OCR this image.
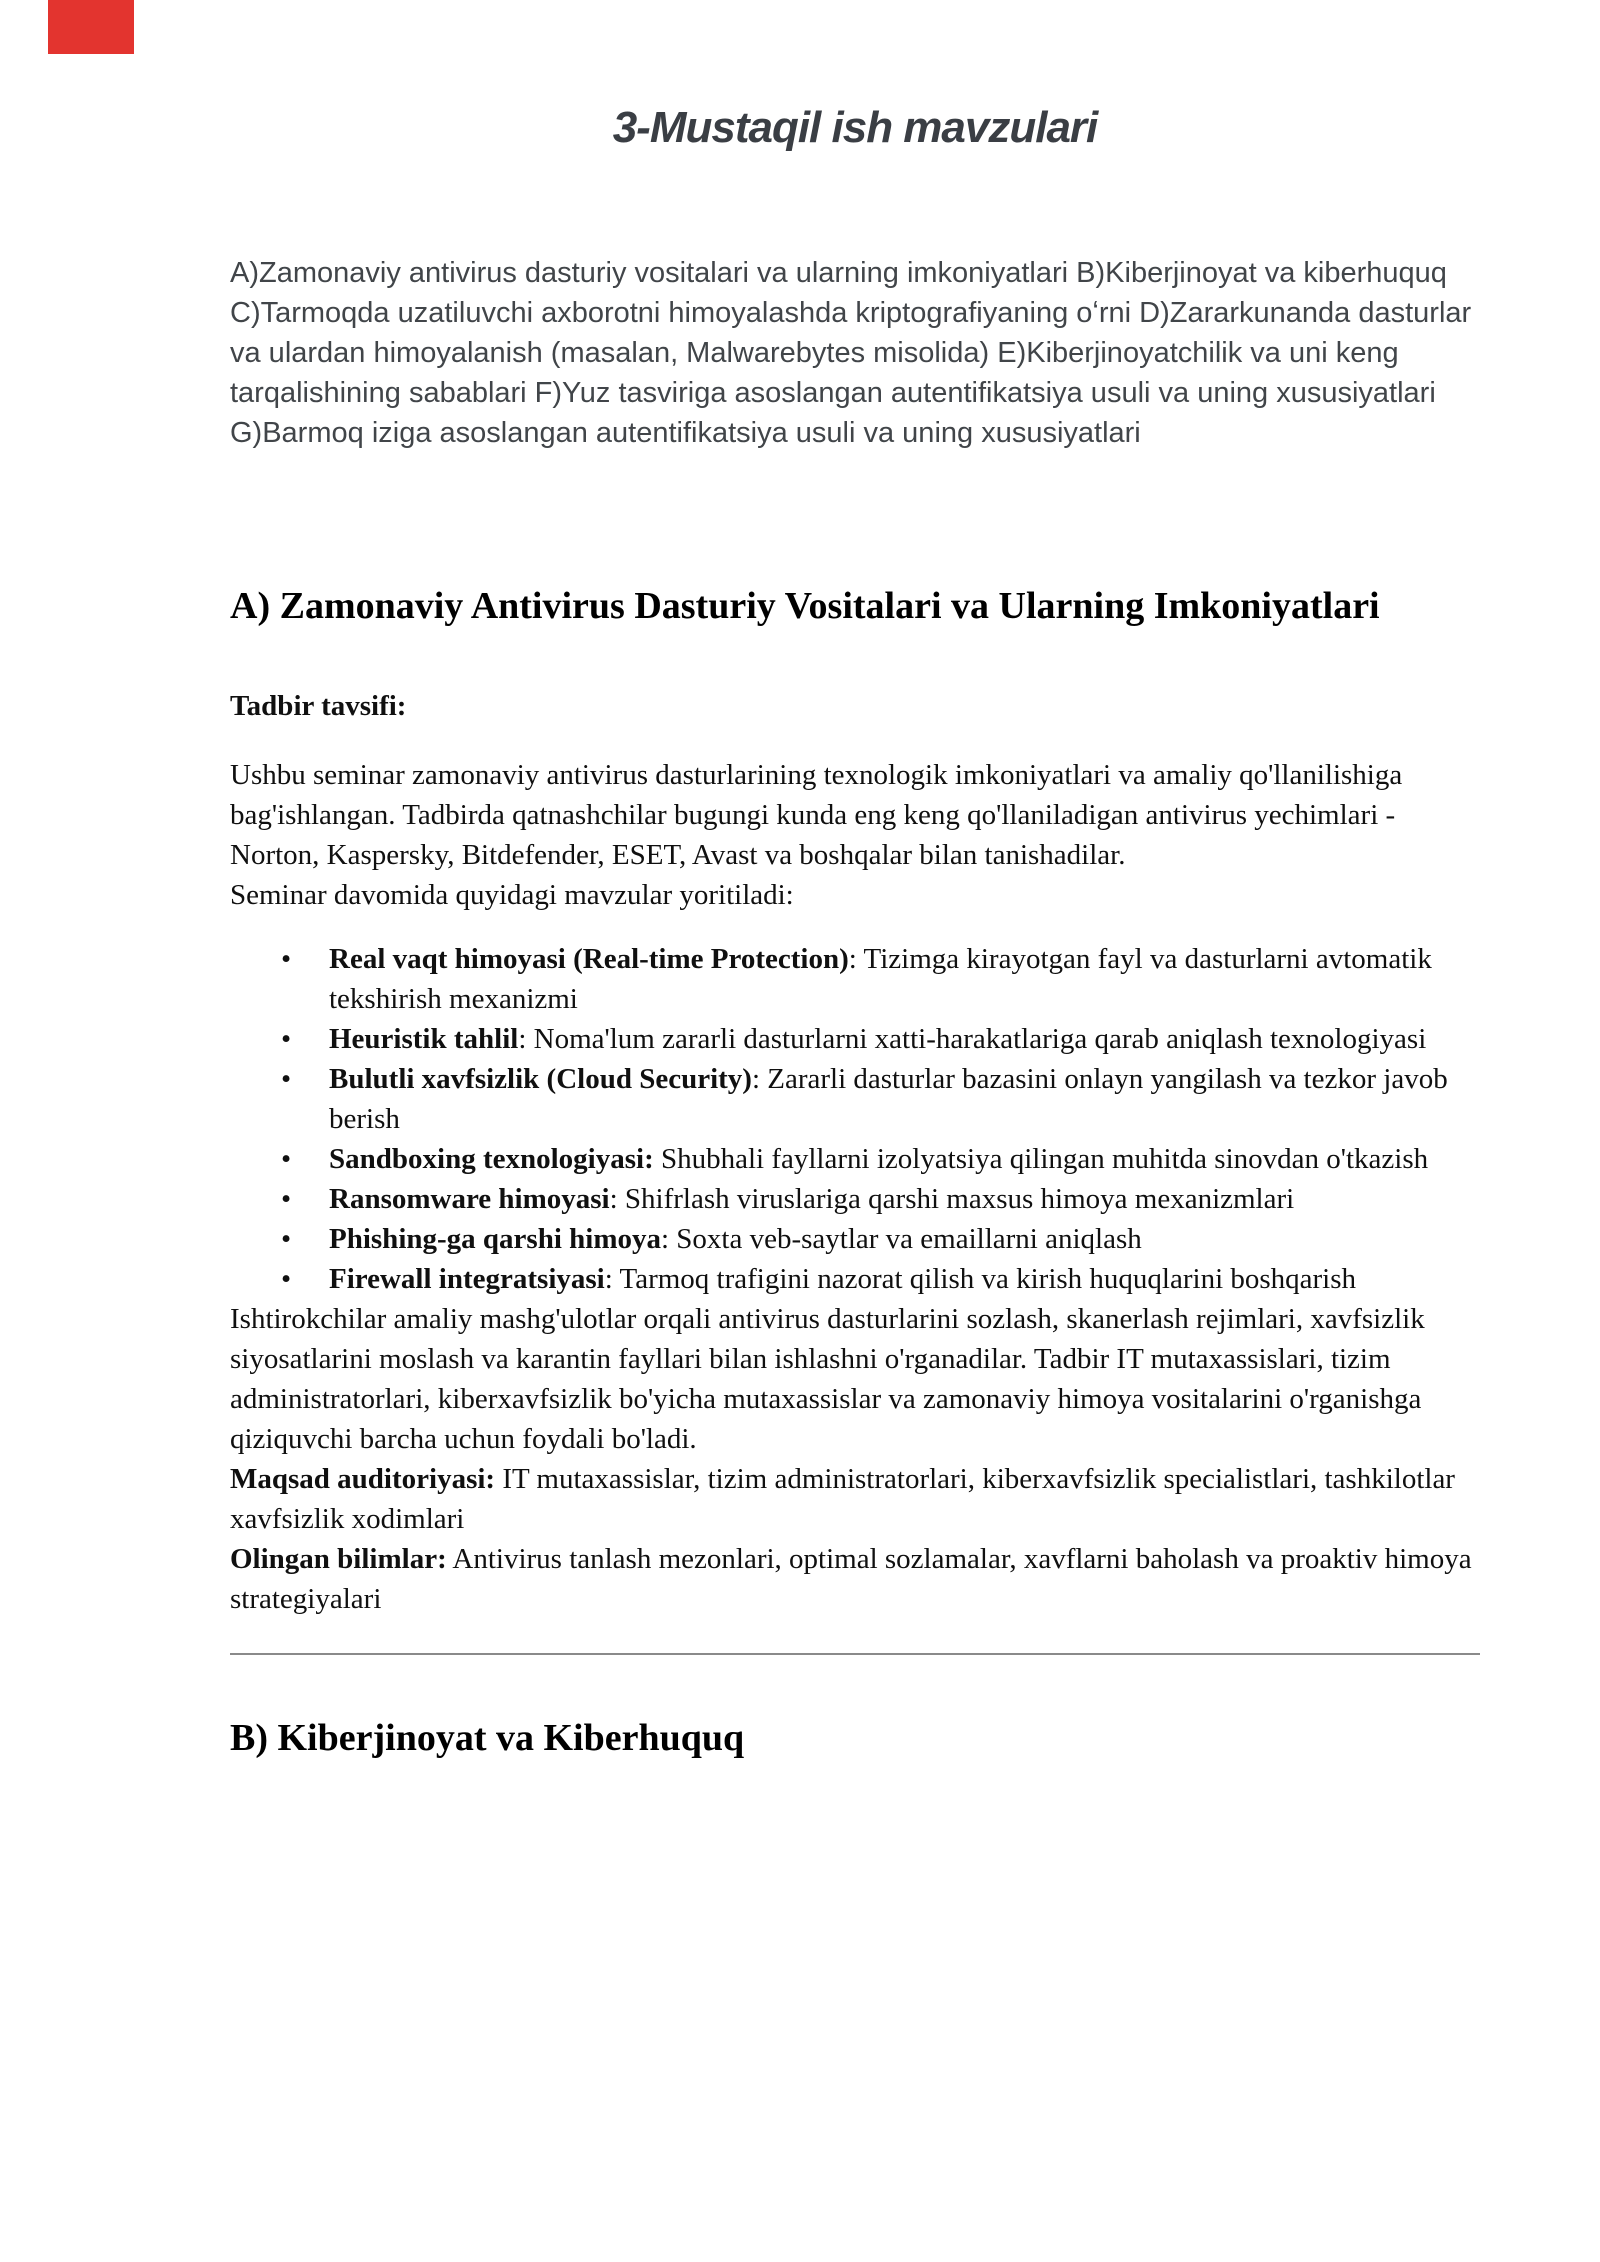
3-Mustaqil ish mavzulari

A)Zamonaviy antivirus dasturiy vositalari va ularning imkoniyatlari B)Kiberjinoyat va kiberhuquq C)Tarmoqda uzatiluvchi axborotni himoyalashda kriptografiyaning oʻrni D)Zararkunanda dasturlar va ulardan himoyalanish (masalan, Malwarebytes misolida) E)Kiberjinoyatchilik va uni keng tarqalishining sabablari F)Yuz tasviriga asoslangan autentifikatsiya usuli va uning xususiyatlari G)Barmoq iziga asoslangan autentifikatsiya usuli va uning xususiyatlari

A) Zamonaviy Antivirus Dasturiy Vositalari va Ularning Imkoniyatlari

Tadbir tavsifi:

Ushbu seminar zamonaviy antivirus dasturlarining texnologik imkoniyatlari va amaliy qo'llanilishiga bag'ishlangan. Tadbirda qatnashchilar bugungi kunda eng keng qo'llaniladigan antivirus yechimlari - Norton, Kaspersky, Bitdefender, ESET, Avast va boshqalar bilan tanishadilar.

Seminar davomida quyidagi mavzular yoritiladi:

• Real vaqt himoyasi (Real-time Protection): Tizimga kirayotgan fayl va dasturlarni avtomatik tekshirish mexanizmi
• Heuristik tahlil: Noma'lum zararli dasturlarni xatti-harakatlariga qarab aniqlash texnologiyasi
• Bulutli xavfsizlik (Cloud Security): Zararli dasturlar bazasini onlayn yangilash va tezkor javob berish
• Sandboxing texnologiyasi: Shubhali fayllarni izolyatsiya qilingan muhitda sinovdan o'tkazish
• Ransomware himoyasi: Shifrlash viruslariga qarshi maxsus himoya mexanizmlari
• Phishing-ga qarshi himoya: Soxta veb-saytlar va emaillarni aniqlash
• Firewall integratsiyasi: Tarmoq trafigini nazorat qilish va kirish huquqlarini boshqarish

Ishtirokchilar amaliy mashg'ulotlar orqali antivirus dasturlarini sozlash, skanerlash rejimlari, xavfsizlik siyosatlarini moslash va karantin fayllari bilan ishlashni o'rganadilar. Tadbir IT mutaxassislari, tizim administratorlari, kiberxavfsizlik bo'yicha mutaxassislar va zamonaviy himoya vositalarini o'rganishga qiziquvchi barcha uchun foydali bo'ladi.

Maqsad auditoriyasi: IT mutaxassislar, tizim administratorlari, kiberxavfsizlik specialistlari, tashkilotlar xavfsizlik xodimlari

Olingan bilimlar: Antivirus tanlash mezonlari, optimal sozlamalar, xavflarni baholash va proaktiv himoya strategiyalari

B) Kiberjinoyat va Kiberhuquq
